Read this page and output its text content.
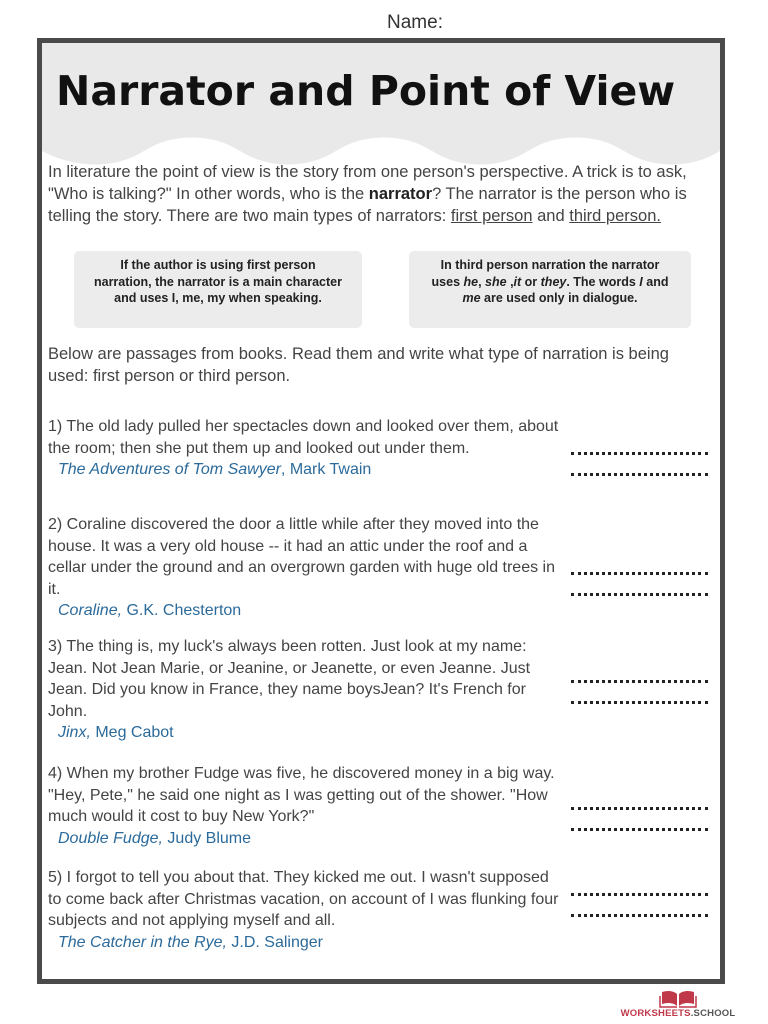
Name:
Narrator and Point of View
In literature the point of view is the story from one person's perspective. A trick is to ask, "Who is talking?" In other words, who is the narrator? The narrator is the person who is telling the story. There are two main types of narrators: first person and third person.
If the author is using first person narration, the narrator is a main character and uses I, me, my when speaking.
In third person narration the narrator uses he, she ,it or they. The words I and me are used only in dialogue.
Below are passages from books. Read them and write what type of narration is being used: first person or third person.
1) The old lady pulled her spectacles down and looked over them, about the room; then she put them up and looked out under them.
The Adventures of Tom Sawyer, Mark Twain
2) Coraline discovered the door a little while after they moved into the house. It was a very old house -- it had an attic under the roof and a cellar under the ground and an overgrown garden with huge old trees in it.
Coraline, G.K. Chesterton
3) The thing is, my luck's always been rotten. Just look at my name: Jean. Not Jean Marie, or Jeanine, or Jeanette, or even Jeanne. Just Jean. Did you know in France, they name boysJean? It's French for John.
Jinx, Meg Cabot
4) When my brother Fudge was five, he discovered money in a big way. "Hey, Pete," he said one night as I was getting out of the shower. "How much would it cost to buy New York?"
Double Fudge, Judy Blume
5) I forgot to tell you about that. They kicked me out. I wasn't supposed to come back after Christmas vacation, on account of I was flunking four subjects and not applying myself and all.
The Catcher in the Rye, J.D. Salinger
WORKSHEETS.SCHOOL
